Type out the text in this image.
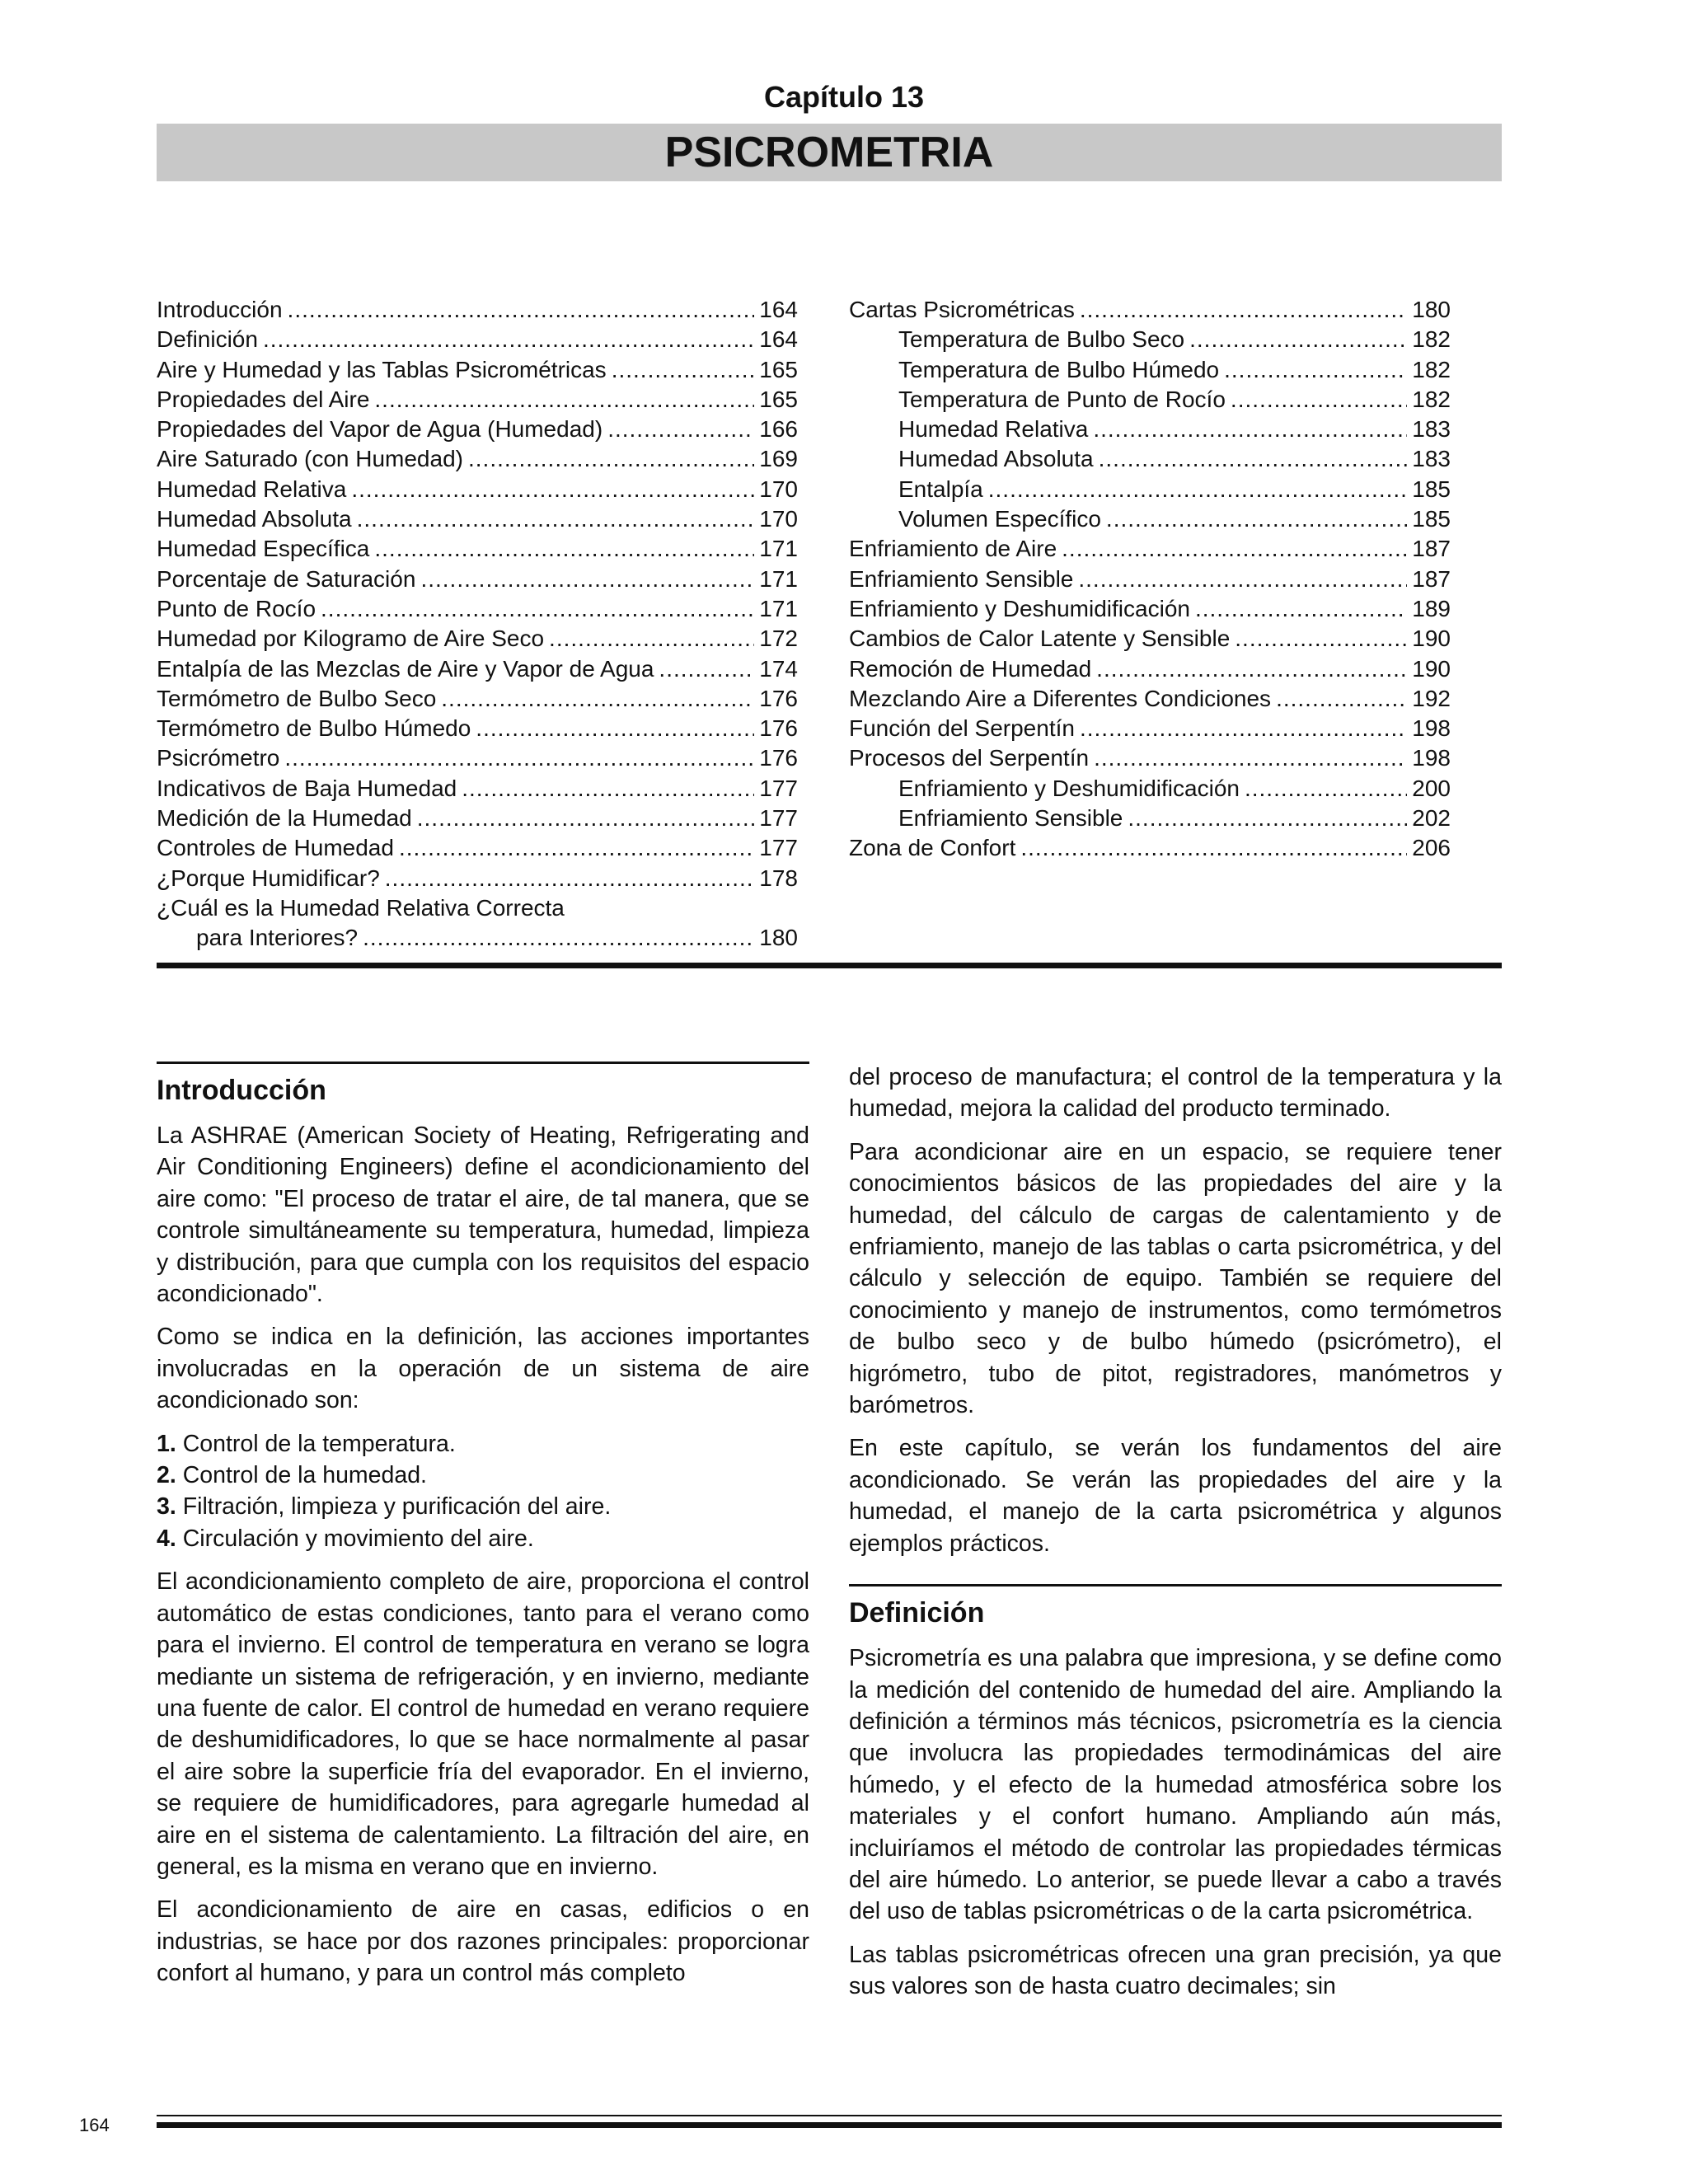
Capítulo 13
PSICROMETRIA
Introducción .....	164
Definición .....	164
Aire y Humedad y las Tablas Psicrométricas .....	165
Propiedades del Aire .....	165
Propiedades del Vapor de Agua (Humedad) .....	166
Aire Saturado (con Humedad) .....	169
Humedad Relativa .....	170
Humedad Absoluta .....	170
Humedad Específica .....	171
Porcentaje de Saturación .....	171
Punto de Rocío .....	171
Humedad por Kilogramo de Aire Seco .....	172
Entalpía de las Mezclas de Aire y Vapor de Agua .....	174
Termómetro de Bulbo Seco .....	176
Termómetro de Bulbo Húmedo .....	176
Psicrómetro .....	176
Indicativos de Baja Humedad .....	177
Medición de la Humedad .....	177
Controles de Humedad .....	177
¿Porque Humidificar? .....	178
¿Cuál es la Humedad Relativa Correcta
para Interiores? .....	180
Cartas Psicrométricas .....	180
Temperatura de Bulbo Seco .....	182
Temperatura de Bulbo Húmedo .....	182
Temperatura de Punto de Rocío .....	182
Humedad Relativa .....	183
Humedad Absoluta .....	183
Entalpía .....	185
Volumen Específico .....	185
Enfriamiento de Aire .....	187
Enfriamiento Sensible .....	187
Enfriamiento y Deshumidificación .....	189
Cambios de Calor Latente y Sensible .....	190
Remoción de Humedad .....	190
Mezclando Aire a Diferentes Condiciones .....	192
Función del Serpentín .....	198
Procesos del Serpentín .....	198
Enfriamiento y Deshumidificación .....	200
Enfriamiento Sensible .....	202
Zona de Confort .....	206
Introducción

La ASHRAE (American Society of Heating, Refrigerating and Air Conditioning Engineers) define el acondicionamiento del aire como: "El proceso de tratar el aire, de tal manera, que se controle simultáneamente su temperatura, humedad, limpieza y distribución, para que cumpla con los requisitos del espacio acondicionado".

Como se indica en la definición, las acciones importantes involucradas en la operación de un sistema de aire acondicionado son:

1. Control de la temperatura.
2. Control de la humedad.
3. Filtración, limpieza y purificación del aire.
4. Circulación y movimiento del aire.

El acondicionamiento completo de aire, proporciona el control automático de estas condiciones, tanto para el verano como para el invierno. El control de temperatura en verano se logra mediante un sistema de refrigeración, y en invierno, mediante una fuente de calor. El control de humedad en verano requiere de deshumidificadores, lo que se hace normalmente al pasar el aire sobre la superficie fría del evaporador. En el invierno, se requiere de humidificadores, para agregarle humedad al aire en el sistema de calentamiento. La filtración del aire, en general, es la misma en verano que en invierno.

El acondicionamiento de aire en casas, edificios o en industrias, se hace por dos razones principales: proporcionar confort al humano, y para un control más completo

del proceso de manufactura; el control de la temperatura y la humedad, mejora la calidad del producto terminado.

Para acondicionar aire en un espacio, se requiere tener conocimientos básicos de las propiedades del aire y la humedad, del cálculo de cargas de calentamiento y de enfriamiento, manejo de las tablas o carta psicrométrica, y del cálculo y selección de equipo. También se requiere del conocimiento y manejo de instrumentos, como termómetros de bulbo seco y de bulbo húmedo (psicrómetro), el higrómetro, tubo de pitot, registradores, manómetros y barómetros.

En este capítulo, se verán los fundamentos del aire acondicionado. Se verán las propiedades del aire y la humedad, el manejo de la carta psicrométrica y algunos ejemplos prácticos.

Definición

Psicrometría es una palabra que impresiona, y se define como la medición del contenido de humedad del aire. Ampliando la definición a términos más técnicos, psicrometría es la ciencia que involucra las propiedades termodinámicas del aire húmedo, y el efecto de la humedad atmosférica sobre los materiales y el confort humano. Ampliando aún más, incluiríamos el método de controlar las propiedades térmicas del aire húmedo. Lo anterior, se puede llevar a cabo a través del uso de tablas psicrométricas o de la carta psicrométrica.

Las tablas psicrométricas ofrecen una gran precisión, ya que sus valores son de hasta cuatro decimales; sin

164
